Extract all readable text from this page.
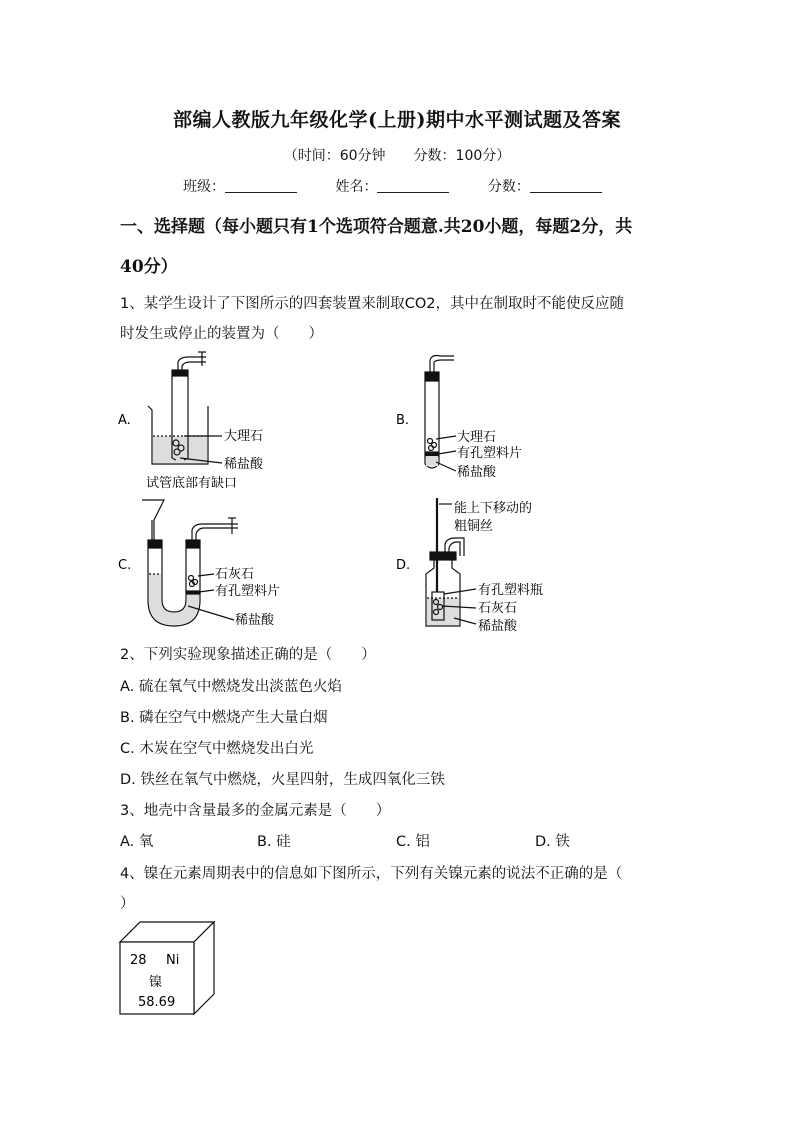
部编人教版九年级化学(上册)期中水平测试题及答案
（时间：60分钟　　分数：100分）
班级：	姓名：	分数：
一、选择题（每小题只有1个选项符合题意.共20小题，每题2分，共
40分）
1、某学生设计了下图所示的四套装置来制取CO2，其中在制取时不能使反应随
时发生或停止的装置为（　　）
A.
大理石
稀盐酸
试管底部有缺口
B.
大理石
有孔塑料片
稀盐酸
C.
石灰石
有孔塑料片
稀盐酸
D.
能上下移动的
粗铜丝
有孔塑料瓶
石灰石
稀盐酸
2、下列实验现象描述正确的是（　　）
A. 硫在氧气中燃烧发出淡蓝色火焰
B. 磷在空气中燃烧产生大量白烟
C. 木炭在空气中燃烧发出白光
D. 铁丝在氧气中燃烧，火星四射，生成四氧化三铁
3、地壳中含量最多的金属元素是（　　）
A. 氧	B. 硅	C. 铝	D. 铁
4、镍在元素周期表中的信息如下图所示，下列有关镍元素的说法不正确的是（
）
28 Ni
镍
58.69
